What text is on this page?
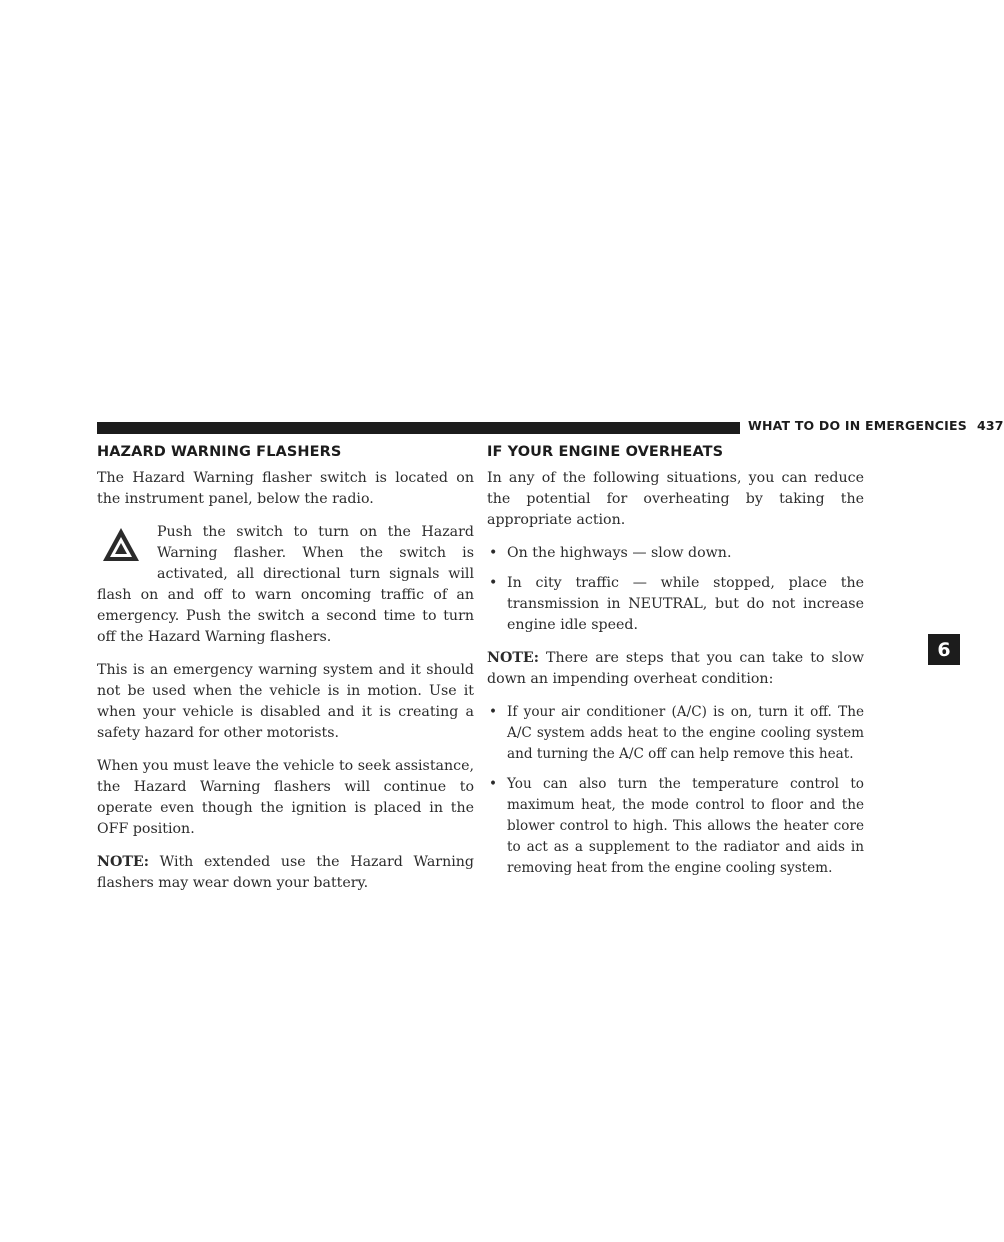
WHAT TO DO IN EMERGENCIES 437
6
HAZARD WARNING FLASHERS

The Hazard Warning flasher switch is located on the instrument panel, below the radio.

Push the switch to turn on the Hazard Warning flasher. When the switch is activated, all directional turn signals will flash on and off to warn oncoming traffic of an emergency. Push the switch a second time to turn off the Hazard Warning flashers.

This is an emergency warning system and it should not be used when the vehicle is in motion. Use it when your vehicle is disabled and it is creating a safety hazard for other motorists.

When you must leave the vehicle to seek assistance, the Hazard Warning flashers will continue to operate even though the ignition is placed in the OFF position.

NOTE: With extended use the Hazard Warning flashers may wear down your battery.

IF YOUR ENGINE OVERHEATS

In any of the following situations, you can reduce the potential for overheating by taking the appropriate action.

• On the highways — slow down.
• In city traffic — while stopped, place the transmission in NEUTRAL, but do not increase engine idle speed.

NOTE: There are steps that you can take to slow down an impending overheat condition:

• If your air conditioner (A/C) is on, turn it off. The A/C system adds heat to the engine cooling system and turning the A/C off can help remove this heat.
• You can also turn the temperature control to maximum heat, the mode control to floor and the blower control to high. This allows the heater core to act as a supplement to the radiator and aids in removing heat from the engine cooling system.
